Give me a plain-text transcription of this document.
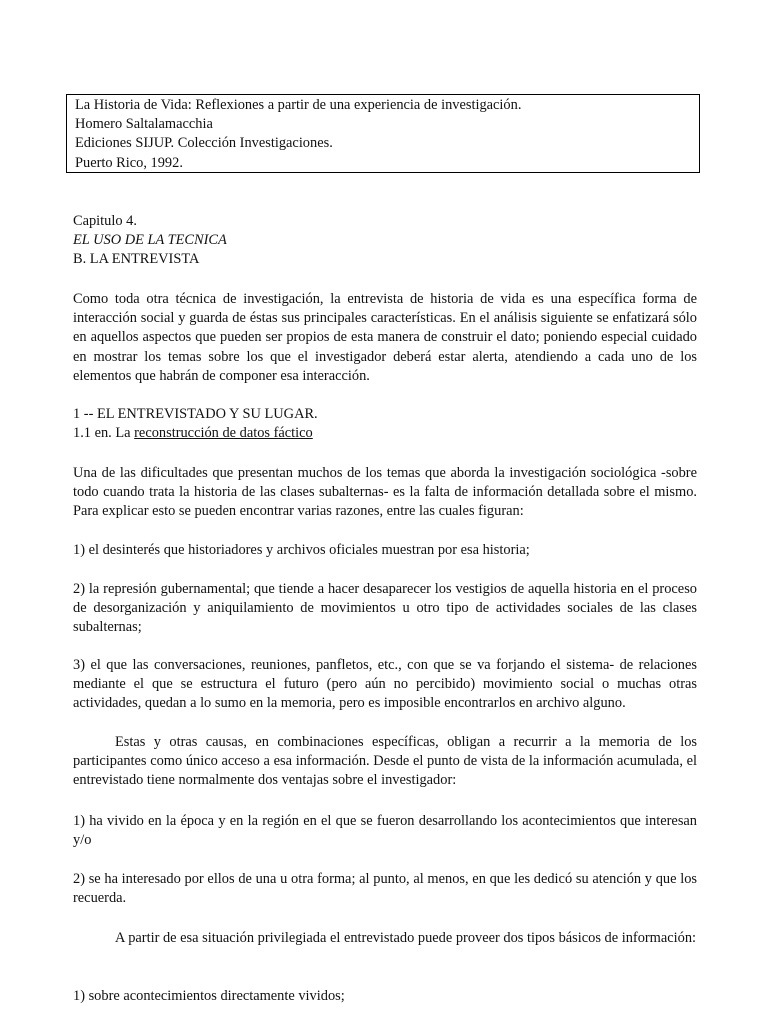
La Historia de Vida: Reflexiones a partir de una experiencia de investigación.
Homero Saltalamacchia
Ediciones SIJUP. Colección Investigaciones.
Puerto Rico, 1992.
Capitulo 4.
EL USO DE LA TECNICA
B. LA ENTREVISTA
Como toda otra técnica de investigación, la entrevista de historia de vida es una específica forma de interacción social y guarda de éstas sus principales características. En el análisis siguiente se enfatizará sólo en aquellos aspectos que pueden ser propios de esta manera de construir el dato; poniendo especial cuidado en mostrar los temas sobre los que el investigador deberá estar alerta, atendiendo a cada uno de los elementos que habrán de componer esa interacción.
1 -- EL ENTREVISTADO Y SU LUGAR.
1.1 en. La reconstrucción de datos fáctico
Una de las dificultades que presentan muchos de los temas que aborda la investigación sociológica -sobre todo cuando trata la historia de las clases subalternas- es la falta de información detallada sobre el mismo. Para explicar esto se pueden encontrar varias razones, entre las cuales figuran:
1) el desinterés que historiadores y archivos oficiales muestran por esa historia;
2) la represión gubernamental; que tiende a hacer desaparecer los vestigios de aquella historia en el proceso de desorganización y aniquilamiento de movimientos u otro tipo de actividades sociales de las clases subalternas;
3) el que las conversaciones, reuniones, panfletos, etc., con que se va forjando el sistema- de relaciones mediante el que se estructura el futuro (pero aún no percibido) movimiento social o muchas otras actividades, quedan a lo sumo en la memoria, pero es imposible encontrarlos en archivo alguno.
Estas y otras causas, en combinaciones específicas, obligan a recurrir a la memoria de los participantes como único acceso a esa información. Desde el punto de vista de la información acumulada, el entrevistado tiene normalmente dos ventajas sobre el investigador:
1) ha vivido en la época y en la región en el que se fueron desarrollando los acontecimientos que interesan y/o
2) se ha interesado por ellos de una u otra forma; al punto, al menos, en que les dedicó su atención y que los recuerda.
A partir de esa situación privilegiada el entrevistado puede proveer dos tipos básicos de información:
1) sobre acontecimientos directamente vividos;
